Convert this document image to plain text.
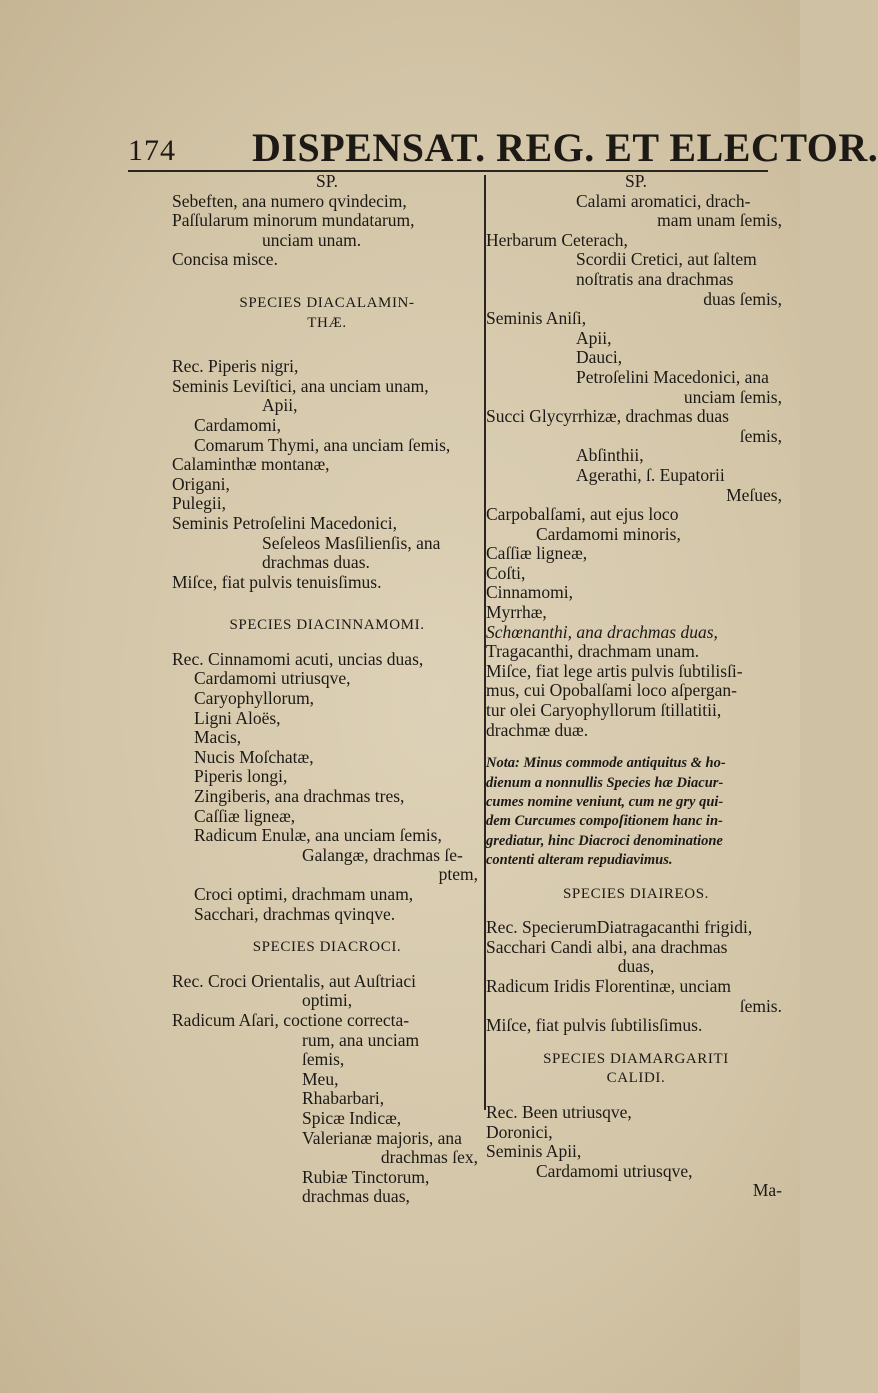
174 DISPENSAT. REG. ET ELECTOR.
SP.
Sebeften, ana numero qvindecim,
Paſſularum minorum mundatarum,
unciam unam.
Concisa misce.
SPECIES DIACALAMIN-
THÆ.
Rec. Piperis nigri,
Seminis Leviſtici, ana unciam unam,
Apii,
Cardamomi,
Comarum Thymi, ana unciam ſemis,
Calaminthæ montanæ,
Origani,
Pulegii,
Seminis Petroſelini Macedonici,
Seſeleos Masſilienſis, ana
drachmas duas.
Miſce, fiat pulvis tenuisſimus.
SPECIES DIACINNAMOMI.
Rec. Cinnamomi acuti, uncias duas,
Cardamomi utriusqve,
Caryophyllorum,
Ligni Aloës,
Macis,
Nucis Moſchatæ,
Piperis longi,
Zingiberis, ana drachmas tres,
Caſſiæ ligneæ,
Radicum Enulæ, ana unciam ſemis,
Galangæ, drachmas ſe-
ptem,
Croci optimi, drachmam unam,
Sacchari, drachmas qvinqve.
SPECIES DIACROCI.
Rec. Croci Orientalis, aut Auſtriaci
optimi,
Radicum Aſari, coctione correcta-
rum, ana unciam
ſemis,
Meu,
Rhabarbari,
Spicæ Indicæ,
Valerianæ majoris, ana
drachmas ſex,
Rubiæ Tinctorum,
drachmas duas,
SP.
Calami aromatici, drach-
mam unam ſemis,
Herbarum Ceterach,
Scordii Cretici, aut ſaltem
noſtratis ana drachmas
duas ſemis,
Seminis Aniſi,
Apii,
Dauci,
Petroſelini Macedonici, ana
unciam ſemis,
Succi Glycyrrhizæ, drachmas duas
ſemis,
Abſinthii,
Agerathi, ſ. Eupatorii
Meſues,
Carpobalſami, aut ejus loco
Cardamomi minoris,
Caſſiæ ligneæ,
Coſti,
Cinnamomi,
Myrrhæ,
Schœnanthi, ana drachmas duas,
Tragacanthi, drachmam unam.
Miſce, fiat lege artis pulvis ſubtilisſi-
mus, cui Opobalſami loco aſpergan-
tur olei Caryophyllorum ſtillatitii,
drachmæ duæ.
Nota: Minus commode antiquitus & ho-
dienum a nonnullis Species hæ Diacur-
cumes nomine veniunt, cum ne gry qui-
dem Curcumes compoſitionem hanc in-
grediatur, hinc Diacroci denominatione
contenti alteram repudiavimus.
SPECIES DIAIREOS.
Rec. SpecierumDiatragacanthi frigidi,
Sacchari Candi albi, ana drachmas
duas,
Radicum Iridis Florentinæ, unciam
ſemis.
Miſce, fiat pulvis ſubtilisſimus.
SPECIES DIAMARGARITI
CALIDI.
Rec. Been utriusqve,
Doronici,
Seminis Apii,
Cardamomi utriusqve,
Ma-
